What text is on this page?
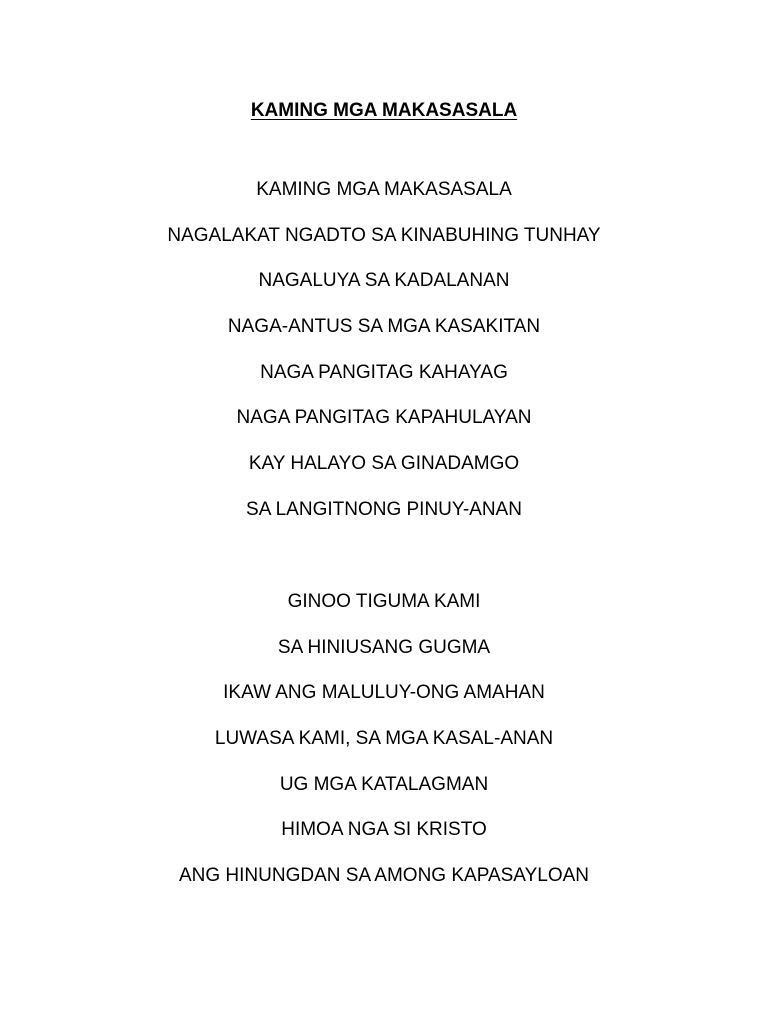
KAMING MGA MAKASASALA
KAMING MGA MAKASASALA
NAGALAKAT NGADTO SA KINABUHING TUNHAY
NAGALUYA SA KADALANAN
NAGA-ANTUS SA MGA KASAKITAN
NAGA PANGITAG KAHAYAG
NAGA PANGITAG KAPAHULAYAN
KAY HALAYO SA GINADAMGO
SA LANGITNONG PINUY-ANAN
GINOO TIGUMA KAMI
SA HINIUSANG GUGMA
IKAW ANG MALULUY-ONG AMAHAN
LUWASA KAMI, SA MGA KASAL-ANAN
UG MGA KATALAGMAN
HIMOA NGA SI KRISTO
ANG HINUNGDAN SA AMONG KAPASAYLOAN
